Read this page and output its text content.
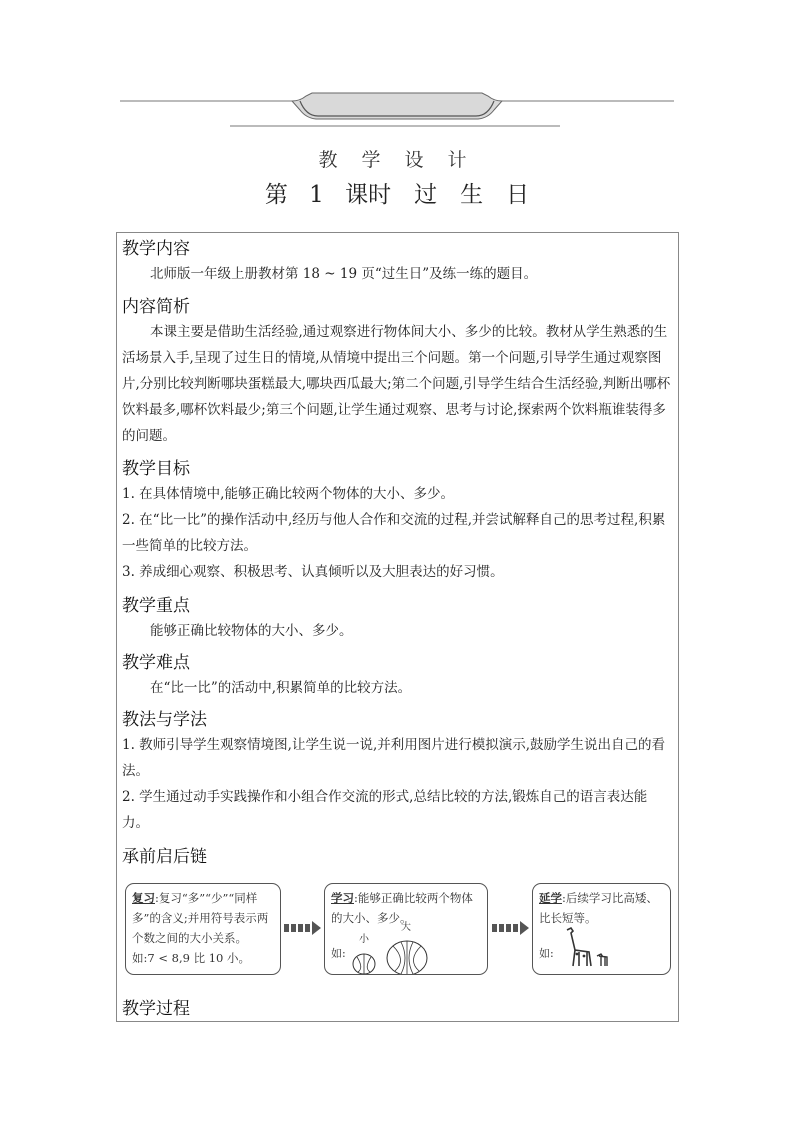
教 学 设 计
第 1 课时　过　生　日
教学内容

北师版一年级上册教材第 18 ~ 19 页“过生日”及练一练的题目。

内容简析

本课主要是借助生活经验,通过观察进行物体间大小、多少的比较。教材从学生熟悉的生活场景入手,呈现了过生日的情境,从情境中提出三个问题。第一个问题,引导学生通过观察图片,分别比较判断哪块蛋糕最大,哪块西瓜最大;第二个问题,引导学生结合生活经验,判断出哪杯饮料最多,哪杯饮料最少;第三个问题,让学生通过观察、思考与讨论,探索两个饮料瓶谁装得多的问题。

教学目标

1. 在具体情境中,能够正确比较两个物体的大小、多少。

2. 在“比一比”的操作活动中,经历与他人合作和交流的过程,并尝试解释自己的思考过程,积累一些简单的比较方法。

3. 养成细心观察、积极思考、认真倾听以及大胆表达的好习惯。

教学重点

能够正确比较物体的大小、多少。

教学难点

在“比一比”的活动中,积累简单的比较方法。

教法与学法

1. 教师引导学生观察情境图,让学生说一说,并利用图片进行模拟演示,鼓励学生说出自己的看法。

2. 学生通过动手实践操作和小组合作交流的形式,总结比较的方法,锻炼自己的语言表达能力。

承前启后链
复习:复习“多”“少”“同样多”的含义;并用符号表示两个数之间的大小关系。
如:7 < 8,9 比 10 小。
学习:能够正确比较两个物体的大小、多少。
如:
小
大
延学:后续学习比高矮、比长短等。
如:
教学过程
